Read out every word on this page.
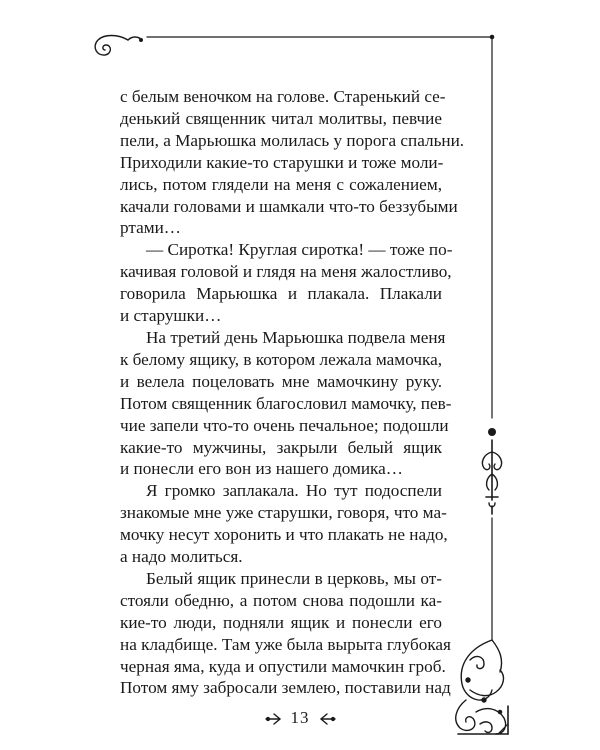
с белым веночком на голове. Старенький се-
денький священник читал молитвы, певчие
пели, а Марьюшка молилась у порога спальни.
Приходили какие-то старушки и тоже моли-
лись, потом глядели на меня с сожалением,
качали головами и шамкали что-то беззубыми
ртами…

— Сиротка! Круглая сиротка! — тоже по-
качивая головой и глядя на меня жалостливо,
говорила Марьюшка и плакала. Плакали
и старушки…

На третий день Марьюшка подвела меня
к белому ящику, в котором лежала мамочка,
и велела поцеловать мне мамочкину руку.
Потом священник благословил мамочку, пев-
чие запели что-то очень печальное; подошли
какие-то мужчины, закрыли белый ящик
и понесли его вон из нашего домика…

Я громко заплакала. Но тут подоспели
знакомые мне уже старушки, говоря, что ма-
мочку несут хоронить и что плакать не надо,
а надо молиться.

Белый ящик принесли в церковь, мы от-
стояли обедню, а потом снова подошли ка-
кие-то люди, подняли ящик и понесли его
на кладбище. Там уже была вырыта глубокая
черная яма, куда и опустили мамочкин гроб.
Потом яму забросали землею, поставили над

13
